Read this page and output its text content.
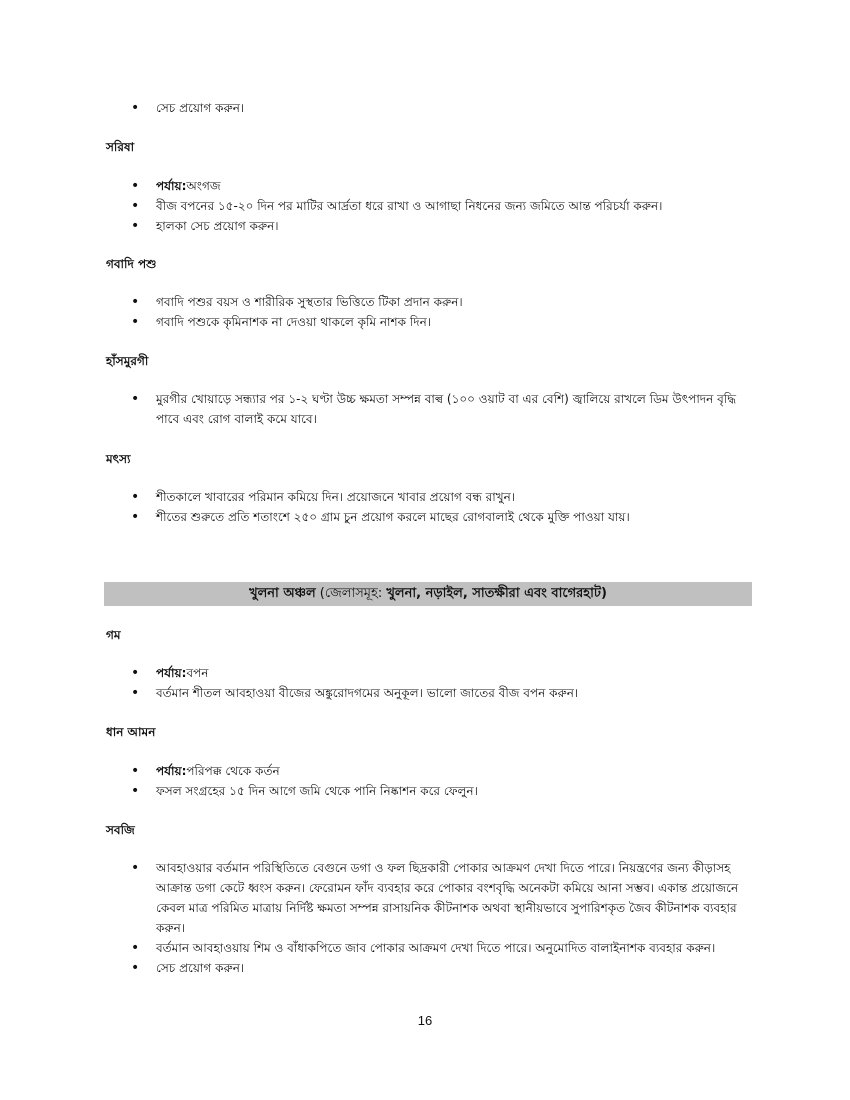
• সেচ প্রয়োগ করুন।
সরিষা
• পর্যায়:অংগজ
• বীজ বপনের ১৫-২০ দিন পর মাটির আর্দ্রতা ধরে রাখা ও আগাছা নিধনের জন্য জমিতে আন্ত পরিচর্যা করুন।
• হালকা সেচ প্রয়োগ করুন।
গবাদি পশু
• গবাদি পশুর বয়স ও শারীরিক সুস্থতার ভিত্তিতে টিকা প্রদান করুন।
• গবাদি পশুকে কৃমিনাশক না দেওয়া থাকলে কৃমি নাশক দিন।
হাঁসমুরগী
• মুরগীর খোয়াড়ে সন্ধ্যার পর ১-২ ঘণ্টা উচ্চ ক্ষমতা সম্পন্ন বাল্ব (১০০ ওয়াট বা এর বেশি) জ্বালিয়ে রাখলে ডিম উৎপাদন বৃদ্ধি পাবে এবং রোগ বালাই কমে যাবে।
মৎস্য
• শীতকালে খাবারের পরিমান কমিয়ে দিন। প্রয়োজনে খাবার প্রয়োগ বন্ধ রাখুন।
• শীতের শুরুতে প্রতি শতাংশে ২৫০ গ্রাম চুন প্রয়োগ করলে মাছের রোগবালাই থেকে মুক্তি পাওয়া যায়।
খুলনা অঞ্চল (জেলাসমূহ: খুলনা, নড়াইল, সাতক্ষীরা এবং বাগেরহাট)
গম
• পর্যায়:বপন
• বর্তমান শীতল আবহাওয়া বীজের অঙ্কুরোদগমের অনুকূল। ভালো জাতের বীজ বপন করুন।
ধান আমন
• পর্যায়:পরিপক্ক থেকে কর্তন
• ফসল সংগ্রহের ১৫ দিন আগে জমি থেকে পানি নিষ্কাশন করে ফেলুন।
সবজি
• আবহাওয়ার বর্তমান পরিস্থিতিতে বেগুনে ডগা ও ফল ছিদ্রকারী পোকার আক্রমণ দেখা দিতে পারে। নিয়ন্ত্রণের জন্য কীড়াসহ আক্রান্ত ডগা কেটে ধ্বংস করুন। ফেরোমন ফাঁদ ব্যবহার করে পোকার বংশবৃদ্ধি অনেকটা কমিয়ে আনা সম্ভব। একান্ত প্রয়োজনে কেবল মাত্র পরিমিত মাত্রায় নির্দিষ্ট ক্ষমতা সম্পন্ন রাসায়নিক কীটনাশক অথবা স্থানীয়ভাবে সুপারিশকৃত জৈব কীটনাশক ব্যবহার করুন।
• বর্তমান আবহাওয়ায় শিম ও বাঁধাকপিতে জাব পোকার আক্রমণ দেখা দিতে পারে। অনুমোদিত বালাইনাশক ব্যবহার করুন।
• সেচ প্রয়োগ করুন।
16
